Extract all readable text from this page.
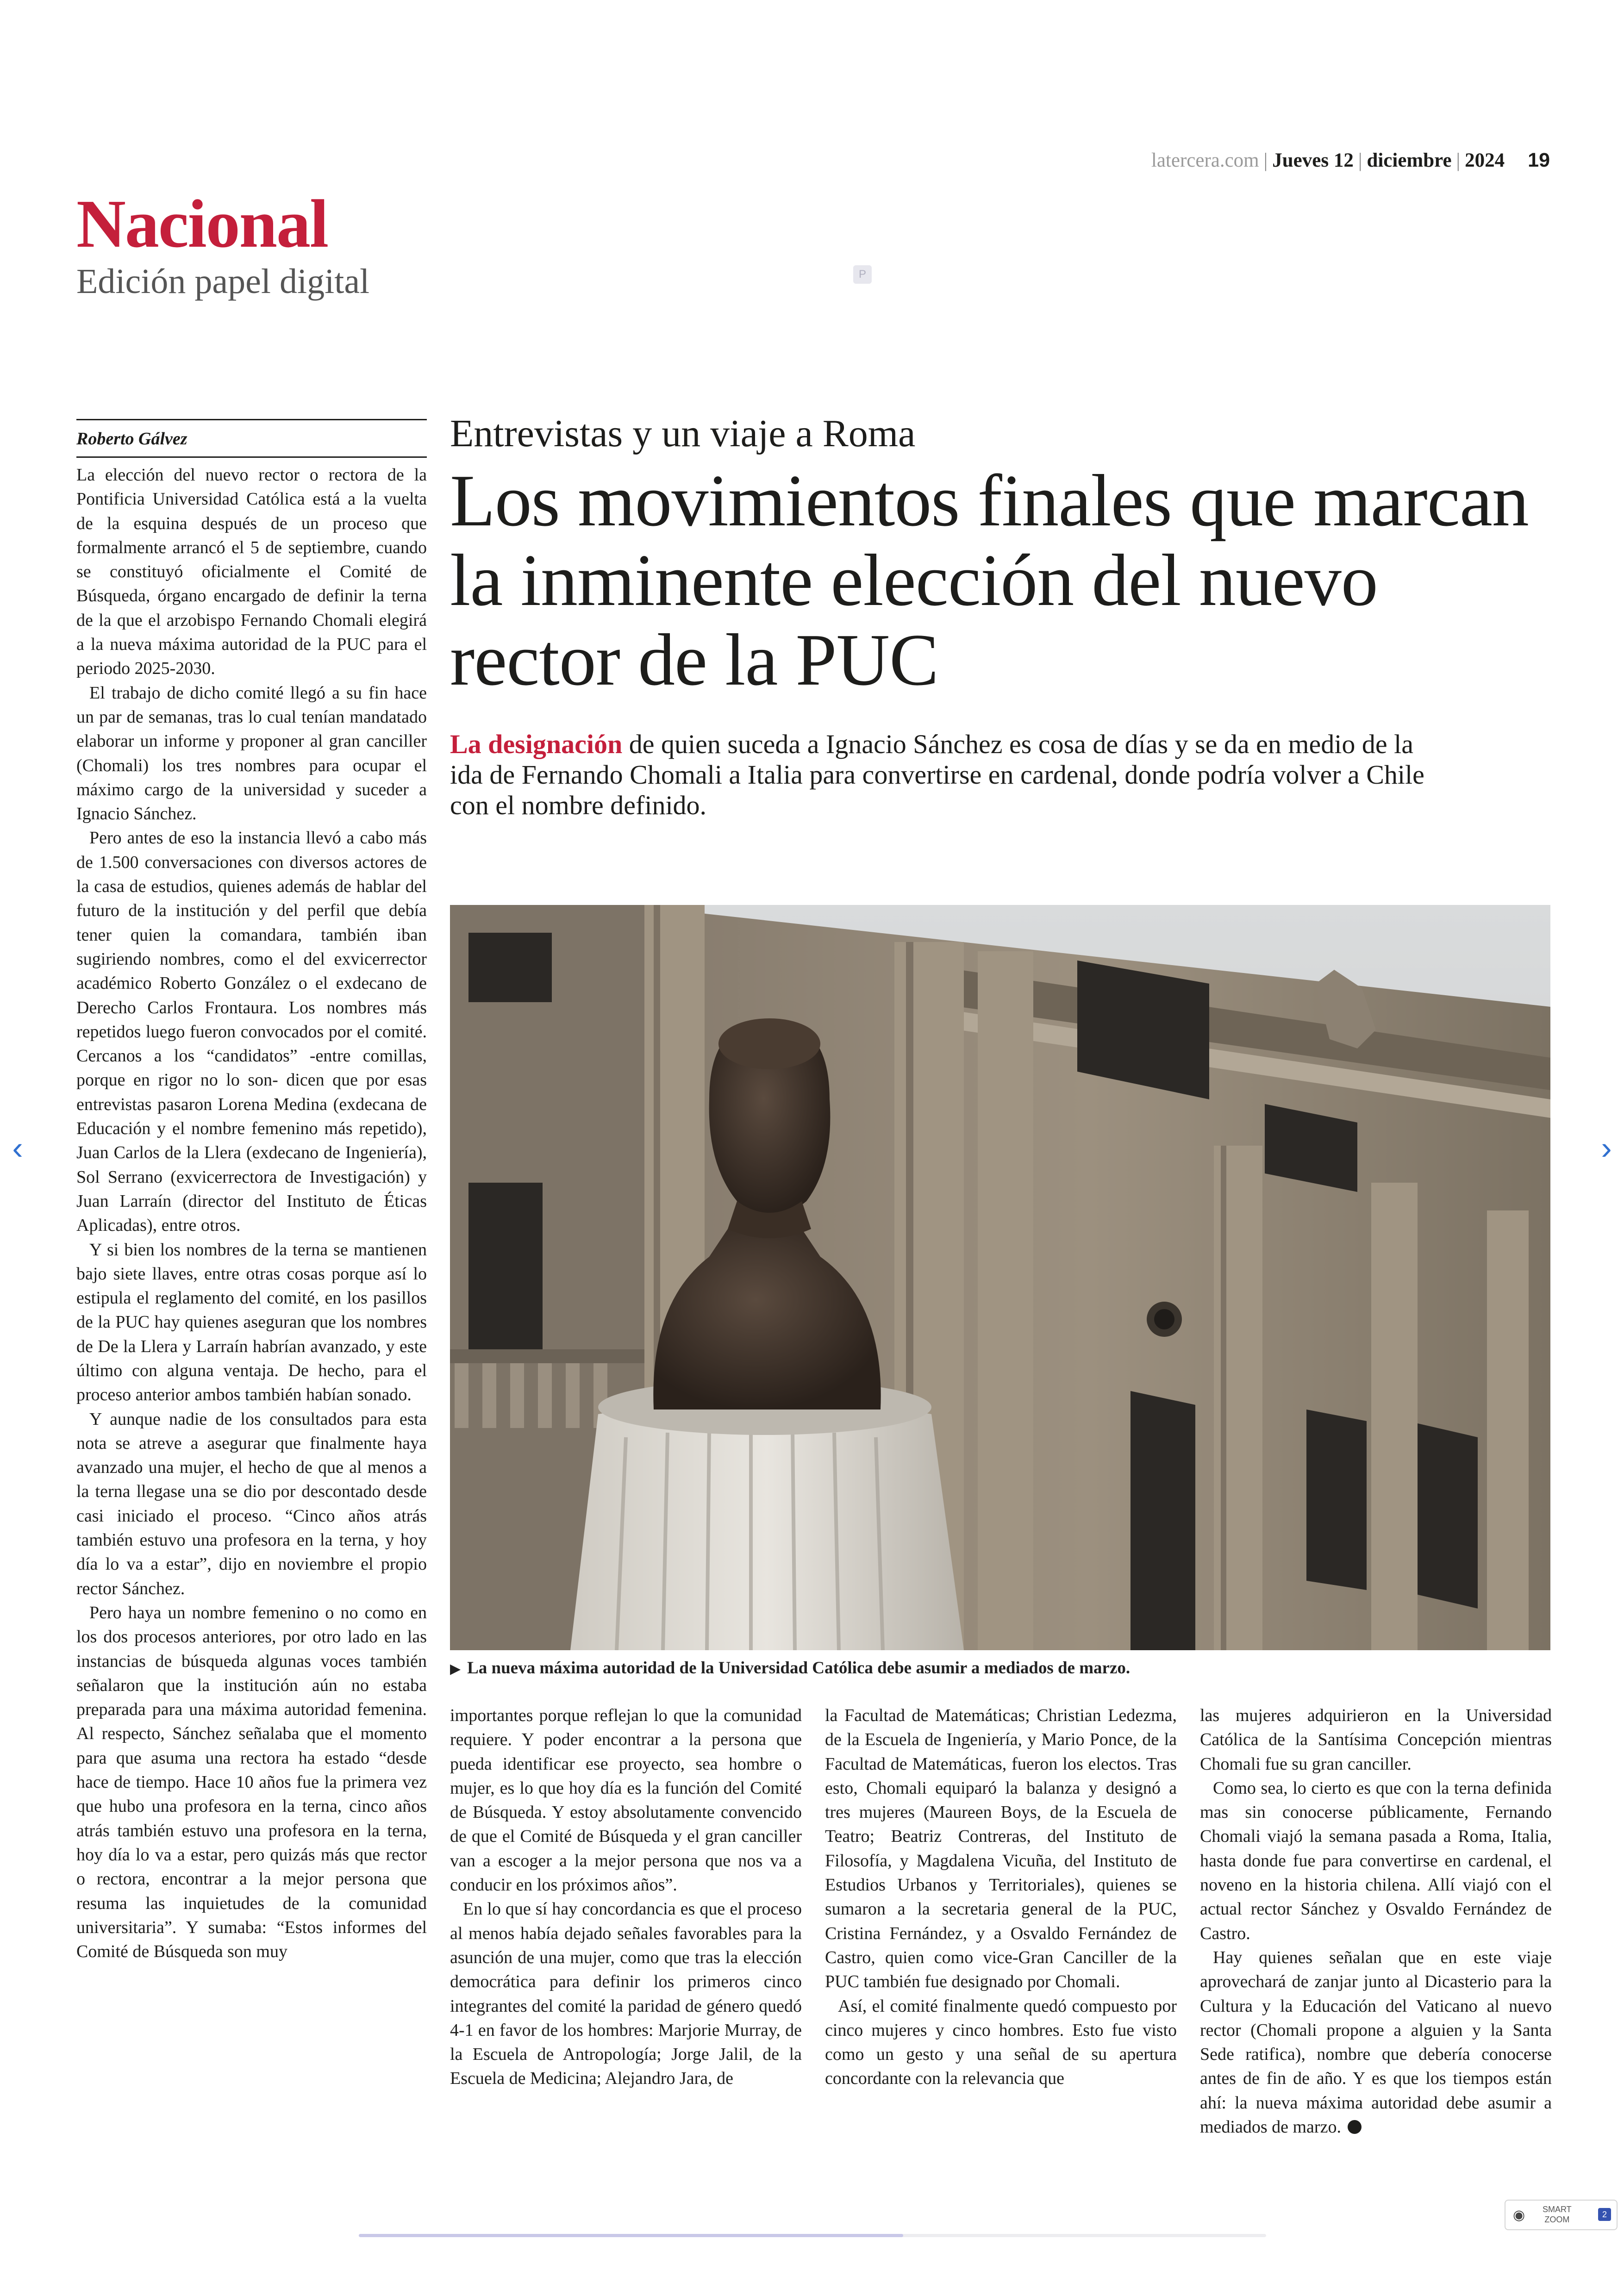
latercera.com | Jueves 12 | diciembre | 2024 19
Nacional
Edición papel digital	P
Roberto Gálvez	Entrevistas y un viaje a Roma
Los movimientos finales que marcan la inminente elección del nuevo rector de la PUC
La designación de quien suceda a Ignacio Sánchez es cosa de días y se da en medio de la ida de Fernando Chomali a Italia para convertirse en cardenal, donde podría volver a Chile con el nombre definido.
▶ La nueva máxima autoridad de la Universidad Católica debe asumir a mediados de marzo.

La elección del nuevo rector o rectora de la Pontificia Universidad Católica está a la vuelta de la esquina después de un proceso que formalmente arrancó el 5 de septiembre, cuando se constituyó oficialmente el Comité de Búsqueda, órgano encargado de definir la terna de la que el arzobispo Fernando Chomali elegirá a la nueva máxima autoridad de la PUC para el periodo 2025-2030.

El trabajo de dicho comité llegó a su fin hace un par de semanas, tras lo cual tenían mandatado elaborar un informe y proponer al gran canciller (Chomali) los tres nombres para ocupar el máximo cargo de la universidad y suceder a Ignacio Sánchez.

Pero antes de eso la instancia llevó a cabo más de 1.500 conversaciones con diversos actores de la casa de estudios, quienes además de hablar del futuro de la institución y del perfil que debía tener quien la comandara, también iban sugiriendo nombres, como el del exvicerrector académico Roberto González o el exdecano de Derecho Carlos Frontaura. Los nombres más repetidos luego fueron convocados por el comité. Cercanos a los “candidatos” -entre comillas, porque en rigor no lo son- dicen que por esas entrevistas pasaron Lorena Medina (exdecana de Educación y el nombre femenino más repetido), Juan Carlos de la Llera (exdecano de Ingeniería), Sol Serrano (exvicerrectora de Investigación) y Juan Larraín (director del Instituto de Éticas Aplicadas), entre otros.

Y si bien los nombres de la terna se mantienen bajo siete llaves, entre otras cosas porque así lo estipula el reglamento del comité, en los pasillos de la PUC hay quienes aseguran que los nombres de De la Llera y Larraín habrían avanzado, y este último con alguna ventaja. De hecho, para el proceso anterior ambos también habían sonado.

Y aunque nadie de los consultados para esta nota se atreve a asegurar que finalmente haya avanzado una mujer, el hecho de que al menos a la terna llegase una se dio por descontado desde casi iniciado el proceso. “Cinco años atrás también estuvo una profesora en la terna, y hoy día lo va a estar”, dijo en noviembre el propio rector Sánchez.

Pero haya un nombre femenino o no como en los dos procesos anteriores, por otro lado en las instancias de búsqueda algunas voces también señalaron que la institución aún no estaba preparada para una máxima autoridad femenina. Al respecto, Sánchez señalaba que el momento para que asuma una rectora ha estado “desde hace de tiempo. Hace 10 años fue la primera vez que hubo una profesora en la terna, cinco años atrás también estuvo una profesora en la terna, hoy día lo va a estar, pero quizás más que rector o rectora, encontrar a la mejor persona que resuma las inquietudes de la comunidad universitaria”. Y sumaba: “Estos informes del Comité de Búsqueda son muy

importantes porque reflejan lo que la comunidad requiere. Y poder encontrar a la persona que pueda identificar ese proyecto, sea hombre o mujer, es lo que hoy día es la función del Comité de Búsqueda. Y estoy absolutamente convencido de que el Comité de Búsqueda y el gran canciller van a escoger a la mejor persona que nos va a conducir en los próximos años”.

En lo que sí hay concordancia es que el proceso al menos había dejado señales favorables para la asunción de una mujer, como que tras la elección democrática para definir los primeros cinco integrantes del comité la paridad de género quedó 4-1 en favor de los hombres: Marjorie Murray, de la Escuela de Antropología; Jorge Jalil, de la Escuela de Medicina; Alejandro Jara, de

la Facultad de Matemáticas; Christian Ledezma, de la Escuela de Ingeniería, y Mario Ponce, de la Facultad de Matemáticas, fueron los electos. Tras esto, Chomali equiparó la balanza y designó a tres mujeres (Maureen Boys, de la Escuela de Teatro; Beatriz Contreras, del Instituto de Filosofía, y Magdalena Vicuña, del Instituto de Estudios Urbanos y Territoriales), quienes se sumaron a la secretaria general de la PUC, Cristina Fernández, y a Osvaldo Fernández de Castro, quien como vice-Gran Canciller de la PUC también fue designado por Chomali.

Así, el comité finalmente quedó compuesto por cinco mujeres y cinco hombres. Esto fue visto como un gesto y una señal de su apertura concordante con la relevancia que

las mujeres adquirieron en la Universidad Católica de la Santísima Concepción mientras Chomali fue su gran canciller.

Como sea, lo cierto es que con la terna definida mas sin conocerse públicamente, Fernando Chomali viajó la semana pasada a Roma, Italia, hasta donde fue para convertirse en cardenal, el noveno en la historia chilena. Allí viajó con el actual rector Sánchez y Osvaldo Fernández de Castro.

Hay quienes señalan que en este viaje aprovechará de zanjar junto al Dicasterio para la Cultura y la Educación del Vaticano al nuevo rector (Chomali propone a alguien y la Santa Sede ratifica), nombre que debería conocerse antes de fin de año. Y es que los tiempos están ahí: la nueva máxima autoridad debe asumir a mediados de marzo.

‹	›
◉ SMART
ZOOM
2
